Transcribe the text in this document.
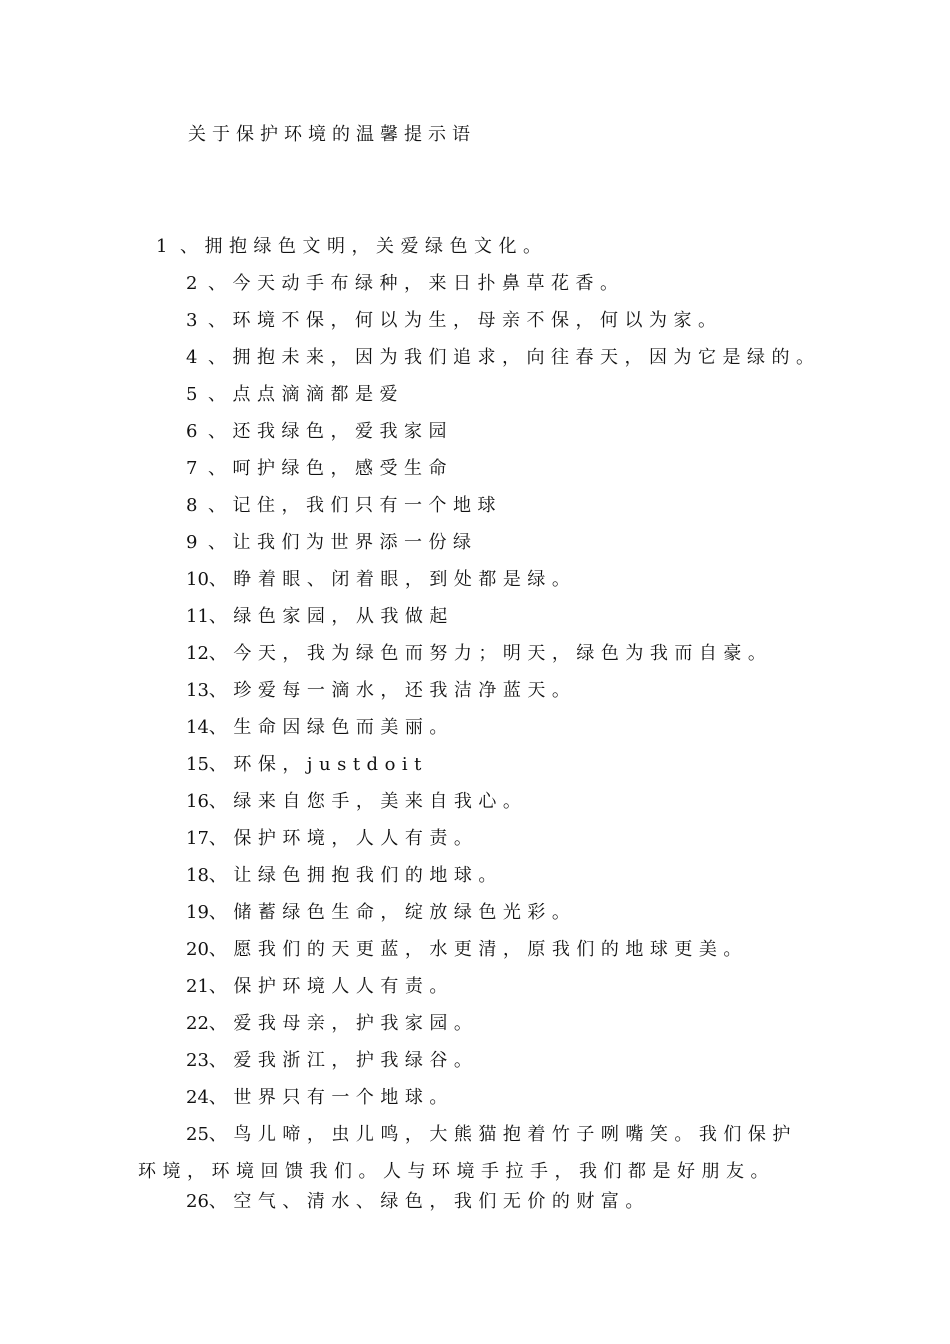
关于保护环境的温馨提示语
1 、拥抱绿色文明，关爱绿色文化。
2 、今天动手布绿种，来日扑鼻草花香。
3 、环境不保，何以为生，母亲不保，何以为家。
4 、拥抱未来，因为我们追求，向往春天，因为它是绿的。
5 、点点滴滴都是爱
6 、还我绿色，爱我家园
7 、呵护绿色，感受生命
8 、记住，我们只有一个地球
9 、让我们为世界添一份绿
10、睁着眼、闭着眼，到处都是绿。
11、绿色家园，从我做起
12、今天，我为绿色而努力；明天，绿色为我而自豪。
13、珍爱每一滴水，还我洁净蓝天。
14、生命因绿色而美丽。
15、环保，justdoit
16、绿来自您手，美来自我心。
17、保护环境，人人有责。
18、让绿色拥抱我们的地球。
19、储蓄绿色生命，绽放绿色光彩。
20、愿我们的天更蓝，水更清，原我们的地球更美。
21、保护环境人人有责。
22、爱我母亲，护我家园。
23、爱我浙江，护我绿谷。
24、世界只有一个地球。
25、鸟儿啼，虫儿鸣，大熊猫抱着竹子咧嘴笑。我们保护
环境，环境回馈我们。人与环境手拉手，我们都是好朋友。
26、空气、清水、绿色，我们无价的财富。
